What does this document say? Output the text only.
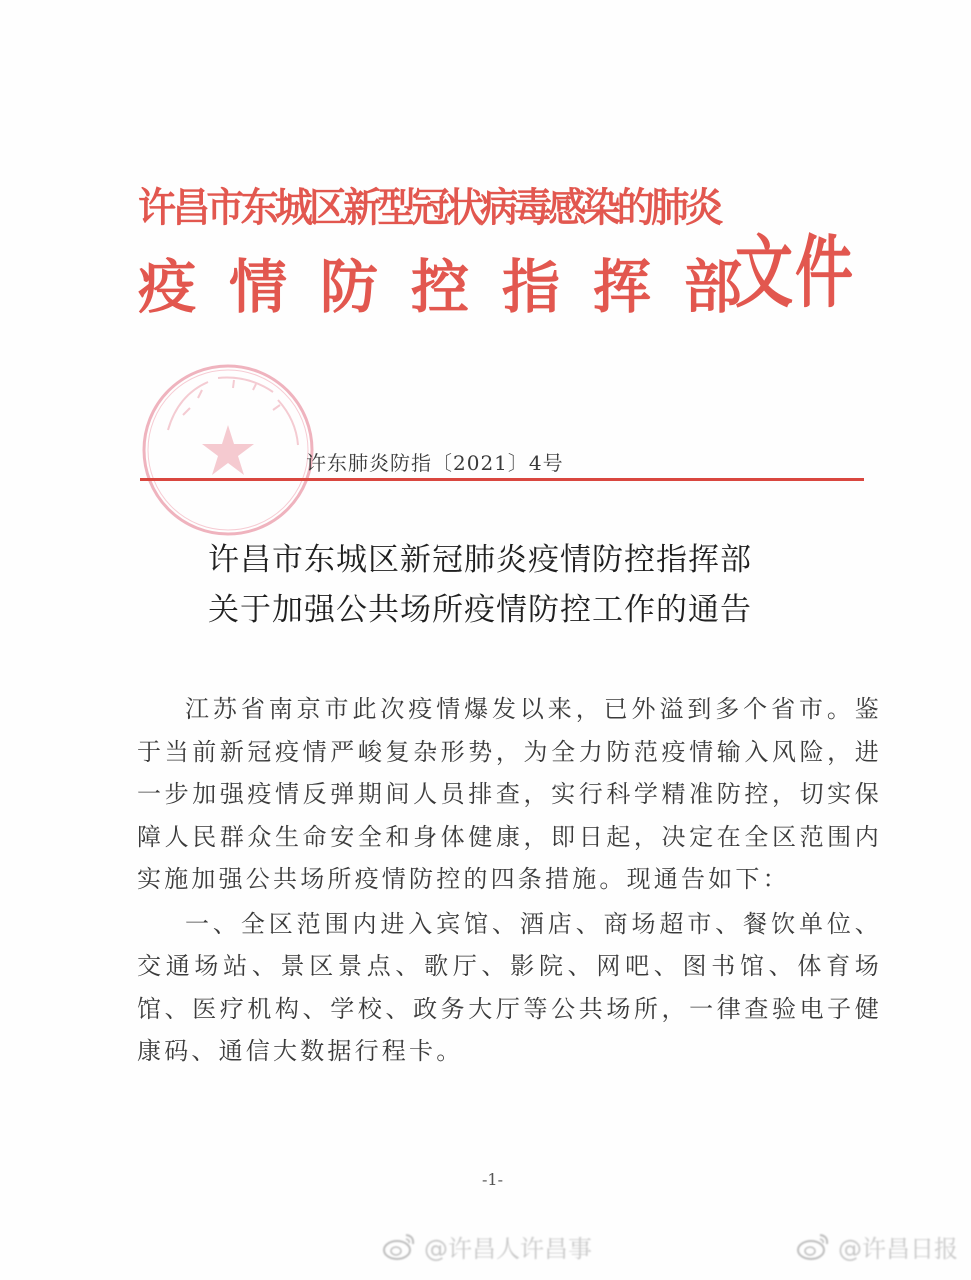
许昌市东城区新型冠状病毒感染的肺炎
疫情防控指挥部
文件
许东肺炎防指〔2021〕4号
许昌市东城区新冠肺炎疫情防控指挥部
关于加强公共场所疫情防控工作的通告

江苏省南京市此次疫情爆发以来，已外溢到多个省市。鉴于当前新冠疫情严峻复杂形势，为全力防范疫情输入风险，进一步加强疫情反弹期间人员排查，实行科学精准防控，切实保障人民群众生命安全和身体健康，即日起，决定在全区范围内实施加强公共场所疫情防控的四条措施。现通告如下：

一、全区范围内进入宾馆、酒店、商场超市、餐饮单位、交通场站、景区景点、歌厅、影院、网吧、图书馆、体育场馆、医疗机构、学校、政务大厅等公共场所，一律查验电子健康码、通信大数据行程卡。

-1-
@许昌人许昌事	@许昌日报
